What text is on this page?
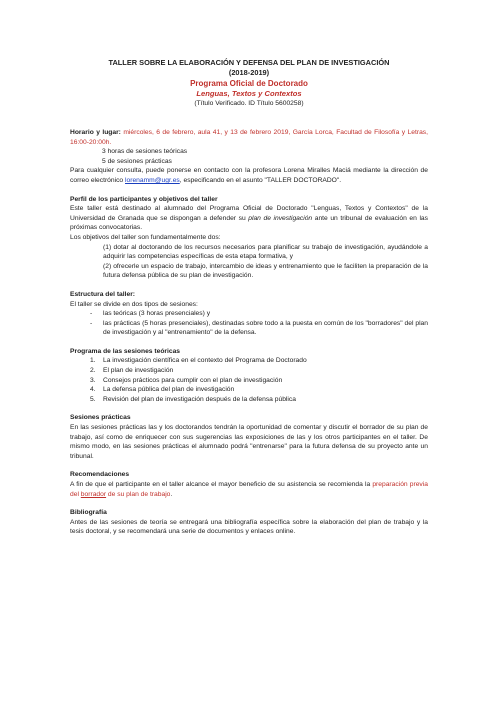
TALLER SOBRE LA ELABORACIÓN Y DEFENSA DEL PLAN DE INVESTIGACIÓN
(2018-2019)
Programa Oficial de Doctorado
Lenguas, Textos y Contextos
(Título Verificado. ID Título 5600258)

Horario y lugar: miércoles, 6 de febrero, aula 41, y 13 de febrero 2019, García Lorca, Facultad de Filosofía y Letras, 16:00-20:00h.

3 horas de sesiones teóricas
5 de sesiones prácticas

Para cualquier consulta, puede ponerse en contacto con la profesora Lorena Miralles Maciá mediante la dirección de correo electrónico lorenamm@ugr.es, especificando en el asunto "TALLER DOCTORADO".

Perfil de los participantes y objetivos del taller

Este taller está destinado al alumnado del Programa Oficial de Doctorado "Lenguas, Textos y Contextos" de la Universidad de Granada que se dispongan a defender su plan de investigación ante un tribunal de evaluación en las próximas convocatorias.

Los objetivos del taller son fundamentalmente dos:

(1) dotar al doctorando de los recursos necesarios para planificar su trabajo de investigación, ayudándole a adquirir las competencias específicas de esta etapa formativa, y

(2) ofrecerle un espacio de trabajo, intercambio de ideas y entrenamiento que le faciliten la preparación de la futura defensa pública de su plan de investigación.

Estructura del taller:

El taller se divide en dos tipos de sesiones:

- las teóricas (3 horas presenciales) y
- las prácticas (5 horas presenciales), destinadas sobre todo a la puesta en común de los "borradores" del plan de investigación y al "entrenamiento" de la defensa.
Programa de las sesiones teóricas
1. La investigación científica en el contexto del Programa de Doctorado
2. El plan de investigación
3. Consejos prácticos para cumplir con el plan de investigación
4. La defensa pública del plan de investigación
5. Revisión del plan de investigación después de la defensa pública
Sesiones prácticas

En las sesiones prácticas las y los doctorandos tendrán la oportunidad de comentar y discutir el borrador de su plan de trabajo, así como de enriquecer con sus sugerencias las exposiciones de las y los otros participantes en el taller. De mismo modo, en las sesiones prácticas el alumnado podrá "entrenarse" para la futura defensa de su proyecto ante un tribunal.

Recomendaciones

A fin de que el participante en el taller alcance el mayor beneficio de su asistencia se recomienda la preparación previa del borrador de su plan de trabajo.

Bibliografía

Antes de las sesiones de teoría se entregará una bibliografía específica sobre la elaboración del plan de trabajo y la tesis doctoral, y se recomendará una serie de documentos y enlaces online.
